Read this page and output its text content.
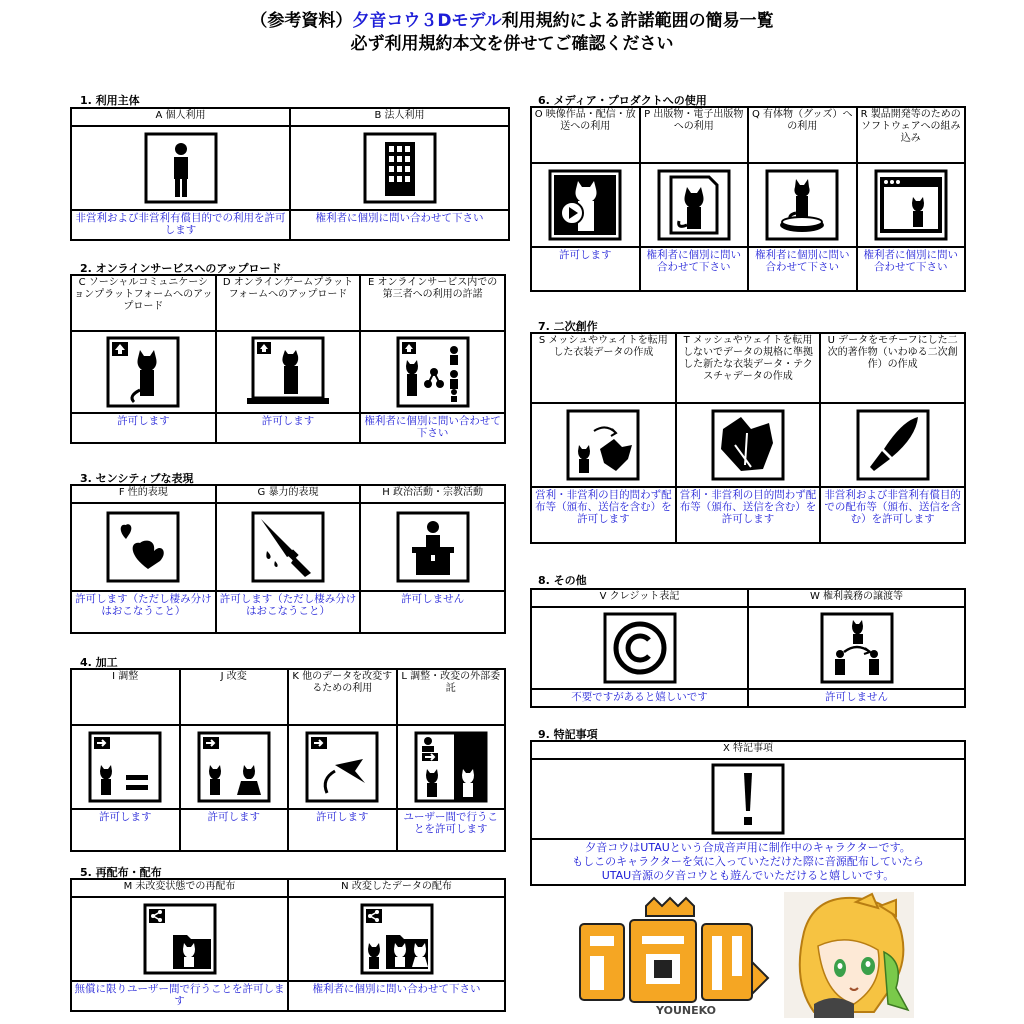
（参考資料）夕音コウ３Dモデル利用規約による許諾範囲の簡易一覧
必ず利用規約本文を併せてご確認ください
1. 利用主体
A 個人利用	B 法人利用

非営利および非営利有償目的での利用を許可します	権利者に個別に問い合わせて下さい
2. オンラインサービスへのアップロード
C ソーシャルコミュニケーションプラットフォームへのアップロード	D オンラインゲームプラットフォームへのアップロード	E オンラインサービス内での第三者への利用の許諾

許可します	許可します	権利者に個別に問い合わせて下さい
3. センシティブな表現
F 性的表現	G 暴力的表現	H 政治活動・宗教活動

許可します（ただし棲み分けはおこなうこと）	許可します（ただし棲み分けはおこなうこと）	許可しません
4. 加工
I 調整	J 改変	K 他のデータを改変するための利用	L 調整・改変の外部委託

許可します	許可します	許可します	ユーザー間で行うことを許可します
5. 再配布・配布
M 未改変状態での再配布	N 改変したデータの配布

無償に限りユーザー間で行うことを許可します	権利者に個別に問い合わせて下さい
6. メディア・プロダクトへの使用
O 映像作品・配信・放送への利用	P 出版物・電子出版物への利用	Q 有体物（グッズ）への利用	R 製品開発等のためのソフトウェアへの組み込み

許可します	権利者に個別に問い合わせて下さい	権利者に個別に問い合わせて下さい	権利者に個別に問い合わせて下さい
7. 二次創作
S メッシュやウェイトを転用した衣装データの作成	T メッシュやウェイトを転用しないでデータの規格に準拠した新たな衣装データ・テクスチャデータの作成	U データをモチーフにした二次的著作物（いわゆる二次創作）の作成

営利・非営利の目的問わず配布等（頒布、送信を含む）を許可します	営利・非営利の目的問わず配布等（頒布、送信を含む）を許可します	非営利および非営利有償目的での配布等（頒布、送信を含む）を許可します
8. その他
V クレジット表記	W 権利義務の譲渡等

不要ですがあると嬉しいです	許可しません
9. 特記事項
X 特記事項

夕音コウはUTAUという合成音声用に制作中のキャラクターです。
もしこのキャラクターを気に入っていただけた際に音源配布していたら
UTAU音源の夕音コウとも遊んでいただけると嬉しいです。
YOUNEKO
